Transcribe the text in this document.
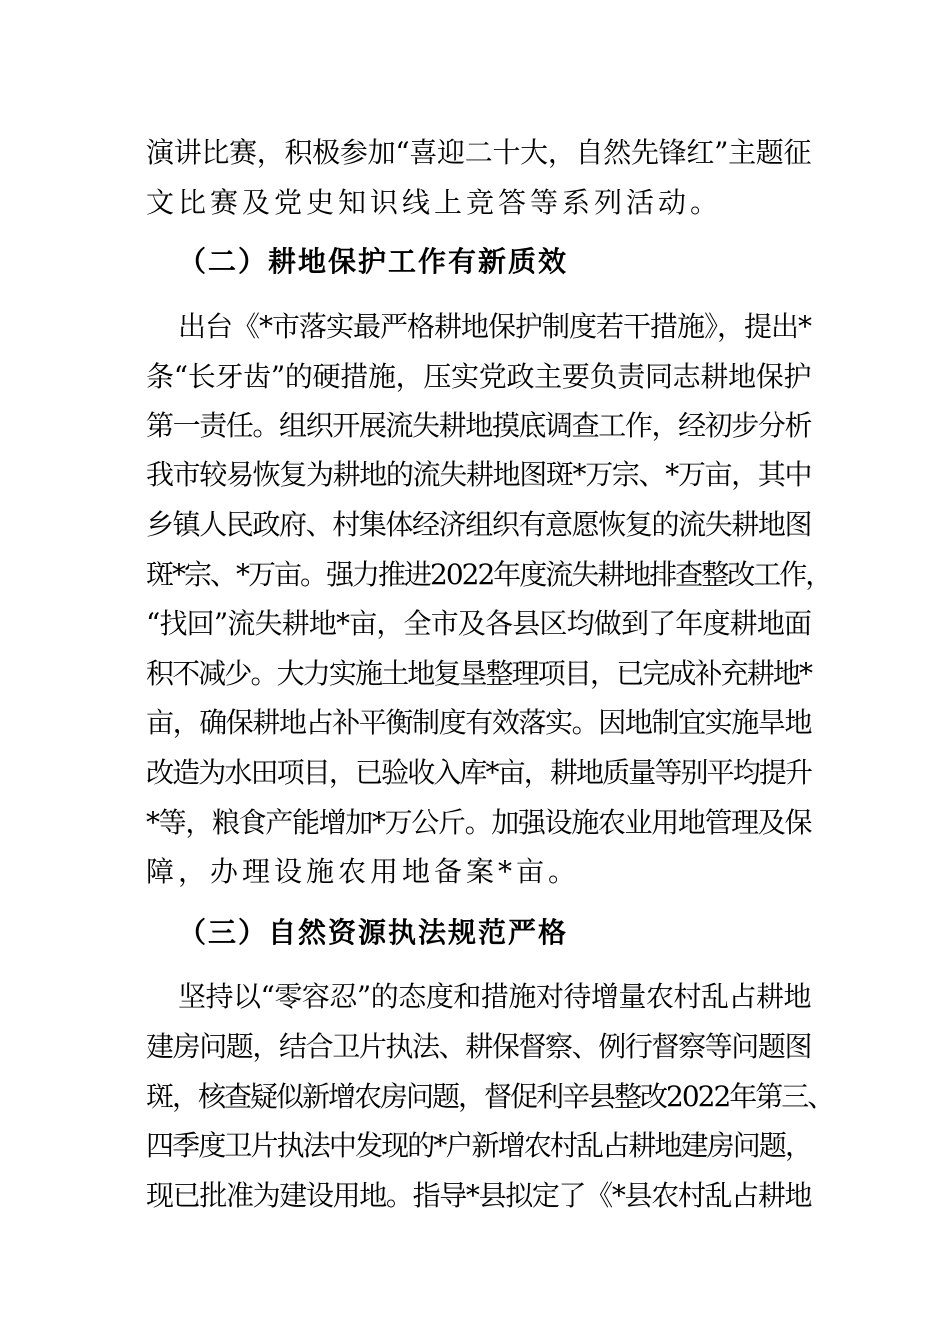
演讲比赛，积极参加“喜迎二十大，自然先锋红”主题征
文比赛及党史知识线上竞答等系列活动。
（二）耕地保护工作有新质效
出台《*市落实最严格耕地保护制度若干措施》，提出*
条“长牙齿”的硬措施，压实党政主要负责同志耕地保护
第一责任。组织开展流失耕地摸底调查工作，经初步分析
我市较易恢复为耕地的流失耕地图斑*万宗、*万亩，其中
乡镇人民政府、村集体经济组织有意愿恢复的流失耕地图
斑*宗、*万亩。强力推进2022年度流失耕地排查整改工作，
“找回”流失耕地*亩，全市及各县区均做到了年度耕地面
积不减少。大力实施土地复垦整理项目，已完成补充耕地*
亩，确保耕地占补平衡制度有效落实。因地制宜实施旱地
改造为水田项目，已验收入库*亩，耕地质量等别平均提升
*等，粮食产能增加*万公斤。加强设施农业用地管理及保
障，办理设施农用地备案*亩。
（三）自然资源执法规范严格
坚持以“零容忍”的态度和措施对待增量农村乱占耕地
建房问题，结合卫片执法、耕保督察、例行督察等问题图
斑，核查疑似新增农房问题，督促利辛县整改2022年第三、
四季度卫片执法中发现的*户新增农村乱占耕地建房问题，
现已批准为建设用地。指导*县拟定了《*县农村乱占耕地
